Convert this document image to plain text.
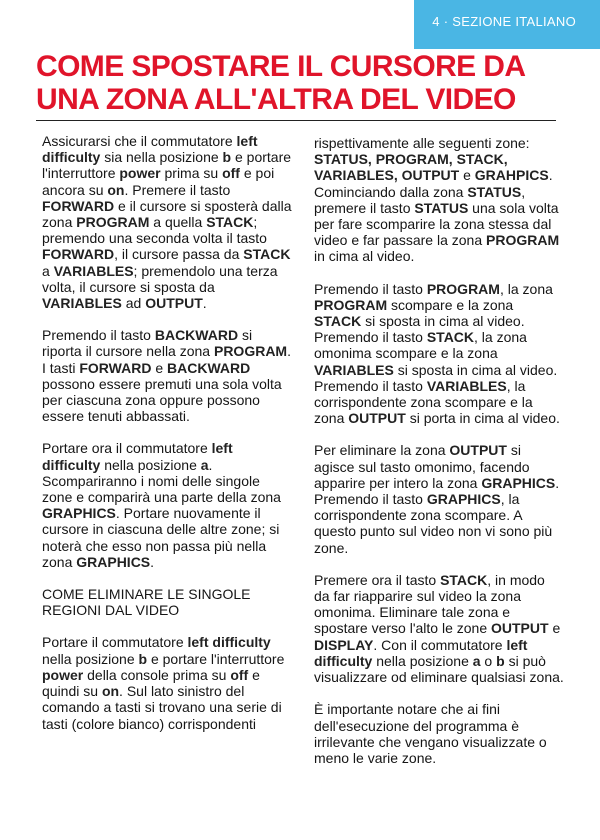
4 · SEZIONE ITALIANO
COME SPOSTARE IL CURSORE DA UNA ZONA ALL'ALTRA DEL VIDEO

Assicurarsi che il commutatore left difficulty sia nella posizione b e portare l'interruttore power prima su off e poi ancora su on. Premere il tasto FORWARD e il cursore si sposterà dalla zona PROGRAM a quella STACK; premendo una seconda volta il tasto FORWARD, il cursore passa da STACK a VARIABLES; premendolo una terza volta, il cursore si sposta da VARIABLES ad OUTPUT.

Premendo il tasto BACKWARD si riporta il cursore nella zona PROGRAM. I tasti FORWARD e BACKWARD possono essere premuti una sola volta per ciascuna zona oppure possono essere tenuti abbassati.

Portare ora il commutatore left difficulty nella posizione a. Scompariranno i nomi delle singole zone e comparirà una parte della zona GRAPHICS. Portare nuovamente il cursore in ciascuna delle altre zone; si noterà che esso non passa più nella zona GRAPHICS.

COME ELIMINARE LE SINGOLE REGIONI DAL VIDEO

Portare il commutatore left difficulty nella posizione b e portare l'interruttore power della console prima su off e quindi su on. Sul lato sinistro del comando a tasti si trovano una serie di tasti (colore bianco) corrispondenti

rispettivamente alle seguenti zone: STATUS, PROGRAM, STACK, VARIABLES, OUTPUT e GRAHPICS. Cominciando dalla zona STATUS, premere il tasto STATUS una sola volta per fare scomparire la zona stessa dal video e far passare la zona PROGRAM in cima al video.

Premendo il tasto PROGRAM, la zona PROGRAM scompare e la zona STACK si sposta in cima al video. Premendo il tasto STACK, la zona omonima scompare e la zona VARIABLES si sposta in cima al video. Premendo il tasto VARIABLES, la corrispondente zona scompare e la zona OUTPUT si porta in cima al video.

Per eliminare la zona OUTPUT si agisce sul tasto omonimo, facendo apparire per intero la zona GRAPHICS. Premendo il tasto GRAPHICS, la corrispondente zona scompare. A questo punto sul video non vi sono più zone.

Premere ora il tasto STACK, in modo da far riapparire sul video la zona omonima. Eliminare tale zona e spostare verso l'alto le zone OUTPUT e DISPLAY. Con il commutatore left difficulty nella posizione a o b si può visualizzare od eliminare qualsiasi zona.

È importante notare che ai fini dell'esecuzione del programma è irrilevante che vengano visualizzate o meno le varie zone.
